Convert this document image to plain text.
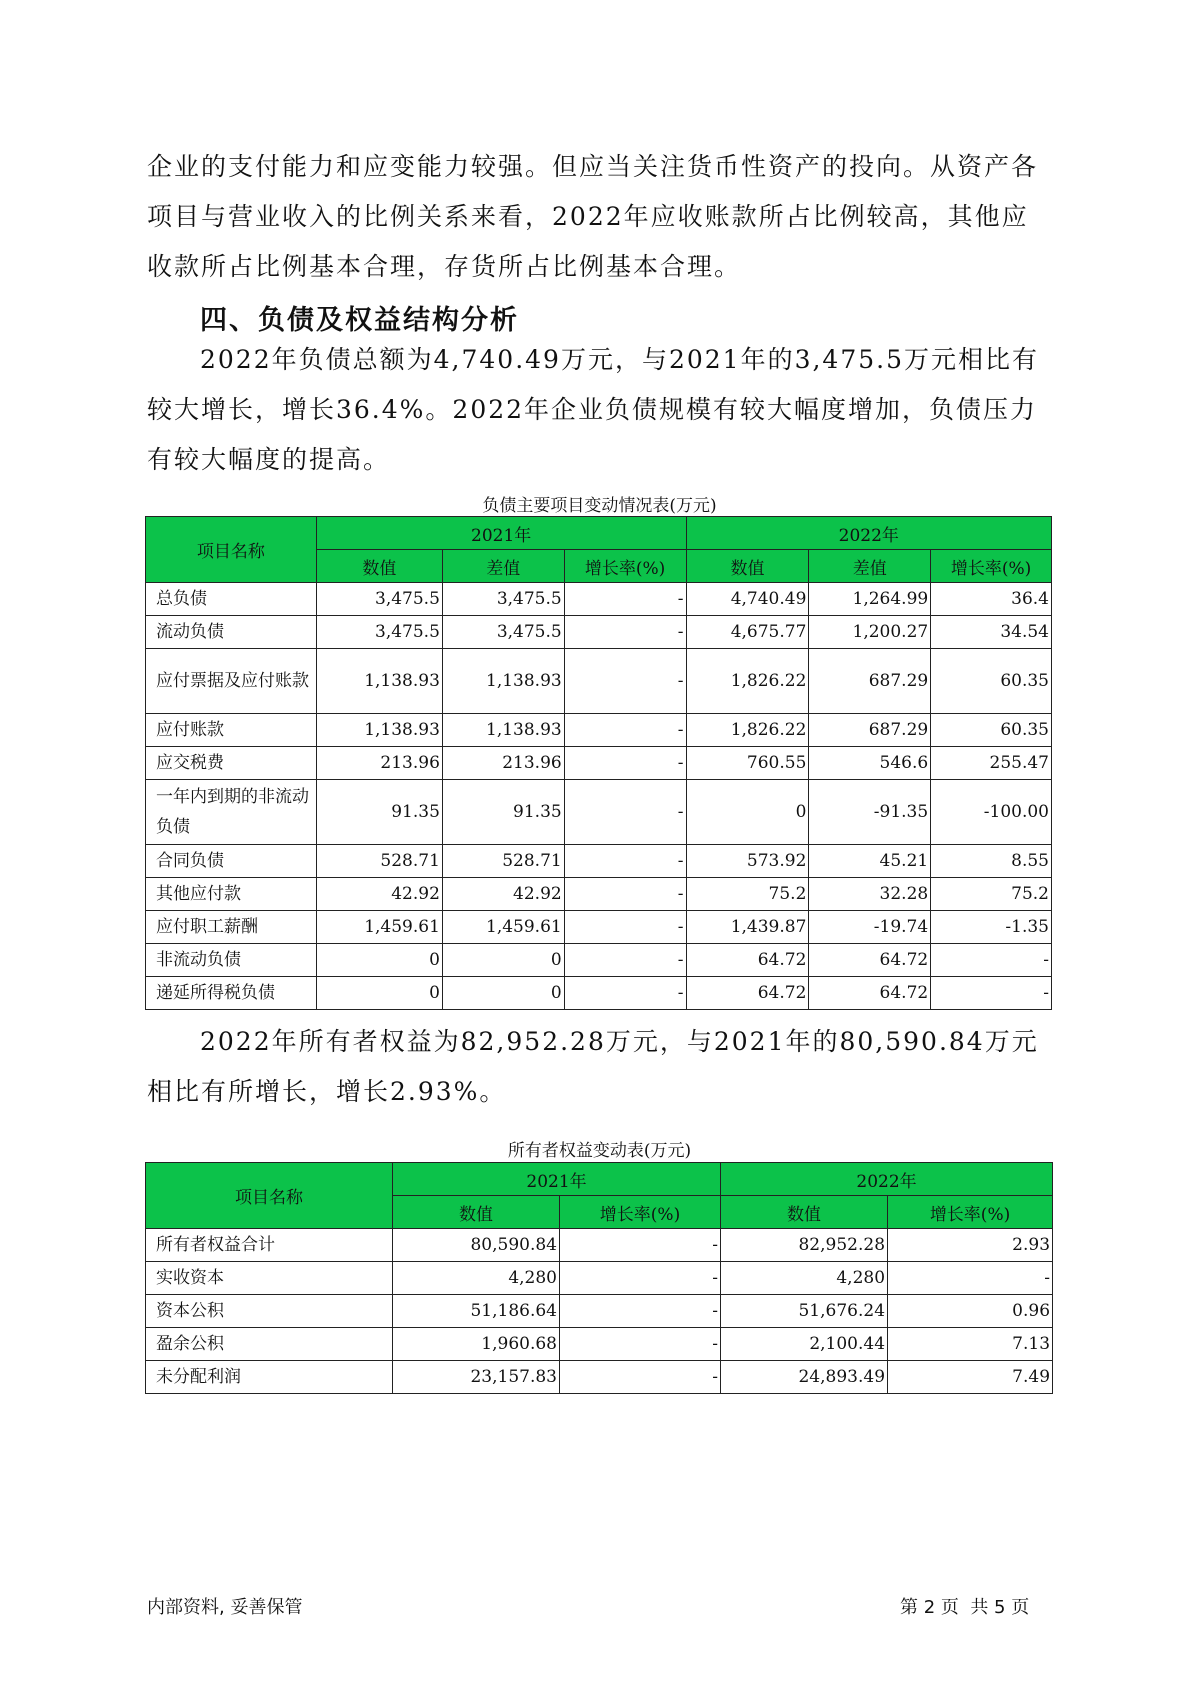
企业的支付能力和应变能力较强。但应当关注货币性资产的投向。从资产各项目与营业收入的比例关系来看，2022年应收账款所占比例较高，其他应收款所占比例基本合理，存货所占比例基本合理。

四、负债及权益结构分析

2022年负债总额为4,740.49万元，与2021年的3,475.5万元相比有较大增长，增长36.4%。2022年企业负债规模有较大幅度增加，负债压力有较大幅度的提高。

负债主要项目变动情况表(万元)

项目名称	2021年			2022年		
	数值	差值	增长率(%)	数值	差值	增长率(%)
总负债	3,475.5	3,475.5	-	4,740.49	1,264.99	36.4
流动负债	3,475.5	3,475.5	-	4,675.77	1,200.27	34.54
应付票据及应付账款	1,138.93	1,138.93	-	1,826.22	687.29	60.35
应付账款	1,138.93	1,138.93	-	1,826.22	687.29	60.35
应交税费	213.96	213.96	-	760.55	546.6	255.47
一年内到期的非流动负债	91.35	91.35	-	0	-91.35	-100.00
合同负债	528.71	528.71	-	573.92	45.21	8.55
其他应付款	42.92	42.92	-	75.2	32.28	75.2
应付职工薪酬	1,459.61	1,459.61	-	1,439.87	-19.74	-1.35
非流动负债	0	0	-	64.72	64.72	-
递延所得税负债	0	0	-	64.72	64.72	-

2022年所有者权益为82,952.28万元，与2021年的80,590.84万元相比有所增长，增长2.93%。

所有者权益变动表(万元)

项目名称	2021年		2022年	
	数值	增长率(%)	数值	增长率(%)
所有者权益合计	80,590.84	-	82,952.28	2.93
实收资本	4,280	-	4,280	-
资本公积	51,186.64	-	51,676.24	0.96
盈余公积	1,960.68	-	2,100.44	7.13
未分配利润	23,157.83	-	24,893.49	7.49
内部资料, 妥善保管	第 2 页  共 5 页
